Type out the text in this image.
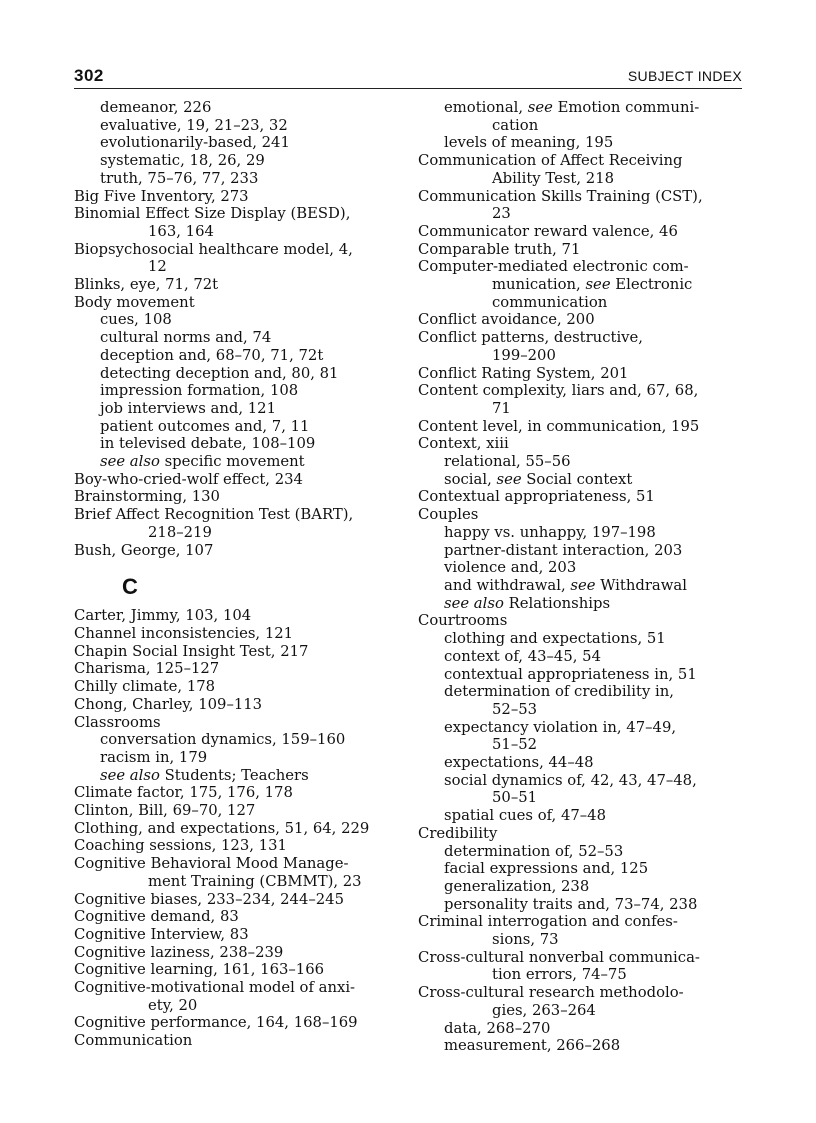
302	SUBJECT INDEX
demeanor, 226
evaluative, 19, 21–23, 32
evolutionarily-based, 241
systematic, 18, 26, 29
truth, 75–76, 77, 233
Big Five Inventory, 273
Binomial Effect Size Display (BESD),
163, 164
Biopsychosocial healthcare model, 4,
12
Blinks, eye, 71, 72t
Body movement
cues, 108
cultural norms and, 74
deception and, 68–70, 71, 72t
detecting deception and, 80, 81
impression formation, 108
job interviews and, 121
patient outcomes and, 7, 11
in televised debate, 108–109
see also specific movement
Boy-who-cried-wolf effect, 234
Brainstorming, 130
Brief Affect Recognition Test (BART),
218–219
Bush, George, 107
C
Carter, Jimmy, 103, 104
Channel inconsistencies, 121
Chapin Social Insight Test, 217
Charisma, 125–127
Chilly climate, 178
Chong, Charley, 109–113
Classrooms
conversation dynamics, 159–160
racism in, 179
see also Students; Teachers
Climate factor, 175, 176, 178
Clinton, Bill, 69–70, 127
Clothing, and expectations, 51, 64, 229
Coaching sessions, 123, 131
Cognitive Behavioral Mood Manage-
ment Training (CBMMT), 23
Cognitive biases, 233–234, 244–245
Cognitive demand, 83
Cognitive Interview, 83
Cognitive laziness, 238–239
Cognitive learning, 161, 163–166
Cognitive-motivational model of anxi-
ety, 20
Cognitive performance, 164, 168–169
Communication
emotional, see Emotion communi-
cation
levels of meaning, 195
Communication of Affect Receiving
Ability Test, 218
Communication Skills Training (CST),
23
Communicator reward valence, 46
Comparable truth, 71
Computer-mediated electronic com-
munication, see Electronic
communication
Conflict avoidance, 200
Conflict patterns, destructive,
199–200
Conflict Rating System, 201
Content complexity, liars and, 67, 68,
71
Content level, in communication, 195
Context, xiii
relational, 55–56
social, see Social context
Contextual appropriateness, 51
Couples
happy vs. unhappy, 197–198
partner-distant interaction, 203
violence and, 203
and withdrawal, see Withdrawal
see also Relationships
Courtrooms
clothing and expectations, 51
context of, 43–45, 54
contextual appropriateness in, 51
determination of credibility in,
52–53
expectancy violation in, 47–49,
51–52
expectations, 44–48
social dynamics of, 42, 43, 47–48,
50–51
spatial cues of, 47–48
Credibility
determination of, 52–53
facial expressions and, 125
generalization, 238
personality traits and, 73–74, 238
Criminal interrogation and confes-
sions, 73
Cross-cultural nonverbal communica-
tion errors, 74–75
Cross-cultural research methodolo-
gies, 263–264
data, 268–270
measurement, 266–268
